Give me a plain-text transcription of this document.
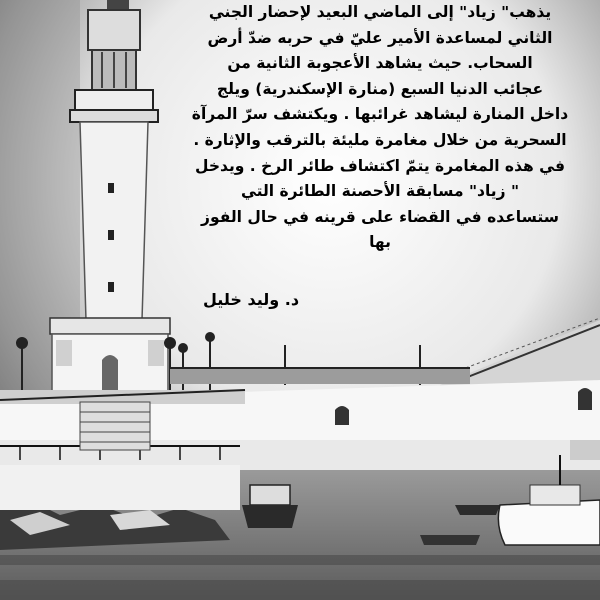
يذهب" زياد" إلى الماضي البعيد لإحضار الجني

الثاني لمساعدة الأمير عليّ في حربه ضدّ أرض

السحاب. حيث يشاهد الأعجوبة الثانية من

عجائب الدنيا السبع (منارة الإسكندرية) ويلج

داخل المنارة ليشاهد غرائبها . ويكتشف سرّ المرآة

السحرية من خلال مغامرة مليئة بالترقب والإثارة .

في هذه المغامرة يتمّ اكتشاف طائر الرخ . ويدخل

" زياد" مسابقة الأحصنة الطائرة التي

ستساعده في القضاء على قرينه في حال الفوز

بها

د. وليد خليل
